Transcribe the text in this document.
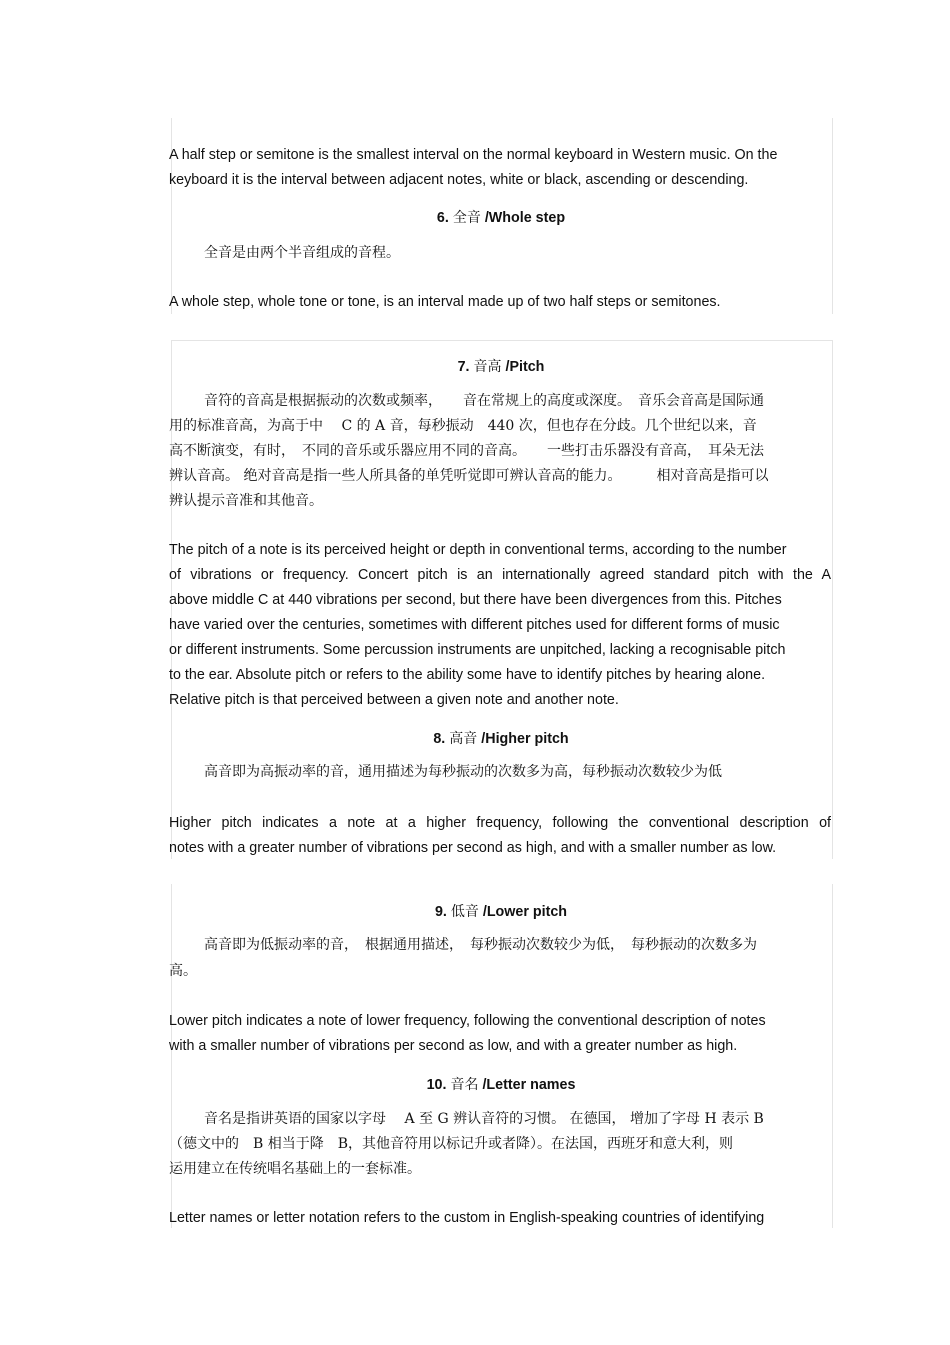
A half step or semitone is the smallest interval on the normal keyboard in Western music. On the
keyboard it is the interval between adjacent notes, white or black, ascending or descending.
6. 全音 /Whole step
全音是由两个半音组成的音程。
A whole step, whole tone or tone, is an interval made up of two half steps or semitones.
7. 音高 /Pitch
音符的音高是根据振动的次数或频率，　　音在常规上的高度或深度。　音乐会音高是国际通
用的标准音高，为高于中　 C 的 A 音，每秒振动　440 次，但也存在分歧。几个世纪以来，音
高不断演变，有时，　不同的音乐或乐器应用不同的音高。　　一些打击乐器没有音高，　耳朵无法
辨认音高。 绝对音高是指一些人所具备的单凭听觉即可辨认音高的能力。　　　相对音高是指可以
辨认提示音准和其他音。
The pitch of a note is its perceived height or depth in conventional terms, according to the number
of vibrations or frequency. Concert pitch is an internationally agreed standard pitch with the A
above middle C at 440 vibrations per second, but there have been divergences from this. Pitches
have varied over the centuries, sometimes with different pitches used for different forms of music
or different instruments. Some percussion instruments are unpitched, lacking a recognisable pitch
to the ear. Absolute pitch or refers to the ability some have to identify pitches by hearing alone.
Relative pitch is that perceived between a given note and another note.
8. 高音 /Higher pitch
高音即为高振动率的音，通用描述为每秒振动的次数多为高，每秒振动次数较少为低
Higher pitch indicates a note at a higher frequency, following the conventional description of
notes with a greater number of vibrations per second as high, and with a smaller number as low.
9. 低音 /Lower pitch
高音即为低振动率的音，　根据通用描述，　每秒振动次数较少为低，　每秒振动的次数多为
高。
Lower pitch indicates a note of lower frequency, following the conventional description of notes
with a smaller number of vibrations per second as low, and with a greater number as high.
10. 音名 /Letter names
音名是指讲英语的国家以字母　 A 至 G 辨认音符的习惯。 在德国， 增加了字母 H 表示 B
（德文中的　B 相当于降　B，其他音符用以标记升或者降）。在法国，西班牙和意大利，则
运用建立在传统唱名基础上的一套标准。
Letter names or letter notation refers to the custom in English-speaking countries of identifying
